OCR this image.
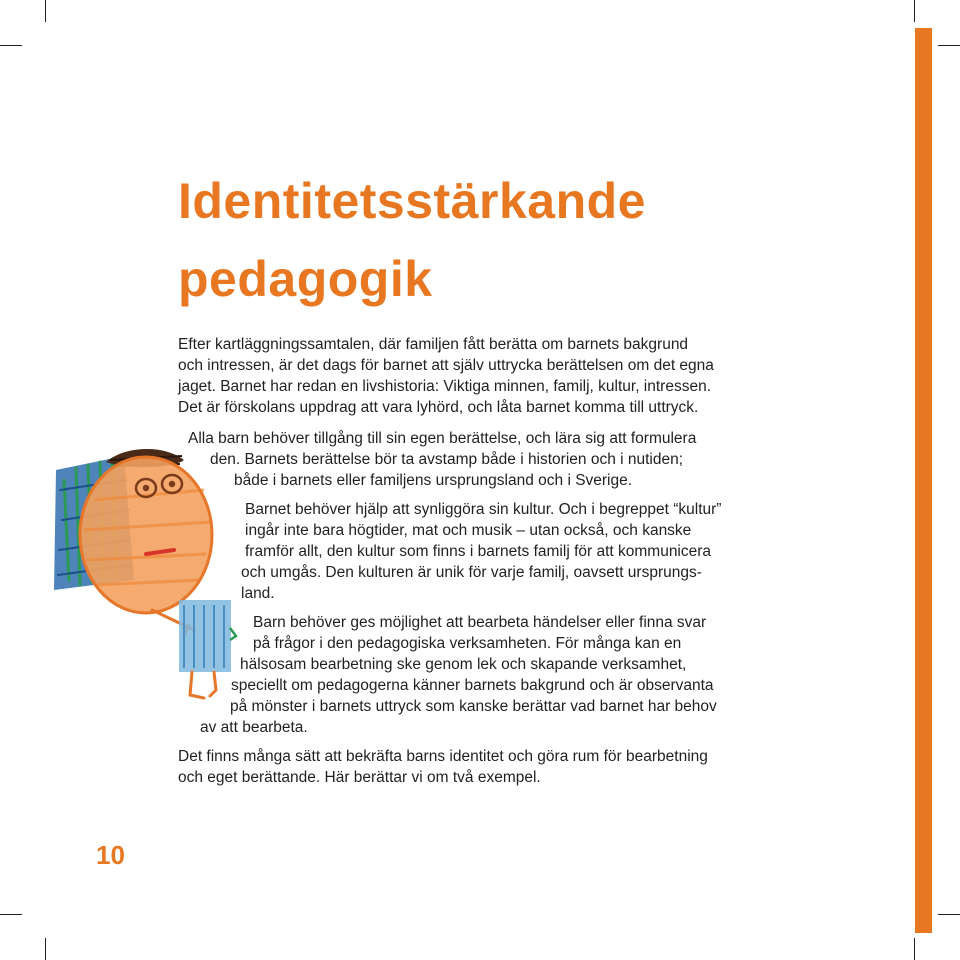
Identitetsstärkande
pedagogik

Efter kartläggningssamtalen, där familjen fått berätta om barnets bakgrund

och intressen, är det dags för barnet att själv uttrycka berättelsen om det egna

jaget. Barnet har redan en livshistoria: Viktiga minnen, familj, kultur, intressen.

Det är förskolans uppdrag att vara lyhörd, och låta barnet komma till uttryck.

Alla barn behöver tillgång till sin egen berättelse, och lära sig att formulera

den. Barnets berättelse bör ta avstamp både i historien och i nutiden;

både i barnets eller familjens ursprungsland och i Sverige.

Barnet behöver hjälp att synliggöra sin kultur. Och i begreppet “kultur”

ingår inte bara högtider, mat och musik – utan också, och kanske

framför allt, den kultur som finns i barnets familj för att kommunicera

och umgås. Den kulturen är unik för varje familj, oavsett ursprungs-

land.

Barn behöver ges möjlighet att bearbeta händelser eller finna svar

på frågor i den pedagogiska verksamheten. För många kan en

hälsosam bearbetning ske genom lek och skapande verksamhet,

speciellt om pedagogerna känner barnets bakgrund och är observanta

på mönster i barnets uttryck som kanske berättar vad barnet har behov

av att bearbeta.

Det finns många sätt att bekräfta barns identitet och göra rum för bearbetning

och eget berättande. Här berättar vi om två exempel.

10
